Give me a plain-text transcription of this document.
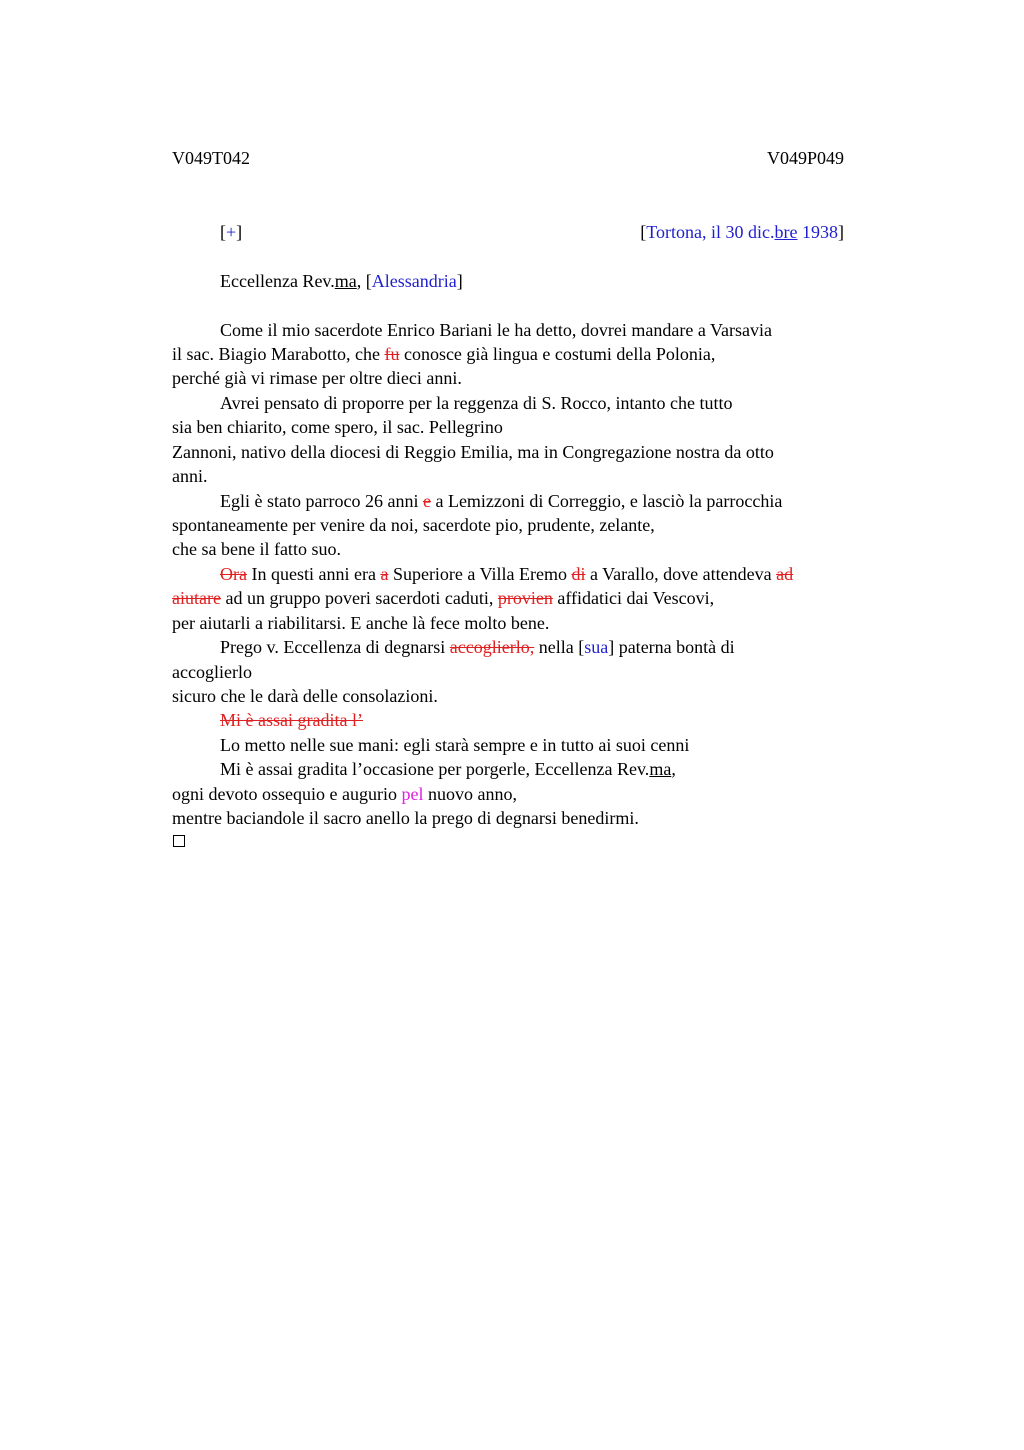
V049T042	V049P049
[+]	[Tortona, il 30 dic.bre 1938]
Eccellenza Rev.ma, [Alessandria]
Come il mio sacerdote Enrico Bariani le ha detto, dovrei mandare a Varsavia
il sac. Biagio Marabotto, che fu conosce già lingua e costumi della Polonia,
perché già vi rimase per oltre dieci anni.
Avrei pensato di proporre per la reggenza di S. Rocco, intanto che tutto
sia ben chiarito, come spero, il sac. Pellegrino
Zannoni, nativo della diocesi di Reggio Emilia, ma in Congregazione nostra da otto
anni.
Egli è stato parroco 26 anni e a Lemizzoni di Correggio, e lasciò la parrocchia
spontaneamente per venire da noi, sacerdote pio, prudente, zelante,
che sa bene il fatto suo.
Ora In questi anni era a Superiore a Villa Eremo di a Varallo, dove attendeva ad
aiutare ad un gruppo poveri sacerdoti caduti, provien affidatici dai Vescovi,
per aiutarli a riabilitarsi. E anche là fece molto bene.
Prego v. Eccellenza di degnarsi accoglierlo, nella [sua] paterna bontà di
accoglierlo
sicuro che le darà delle consolazioni.
Mi è assai gradita l’
Lo metto nelle sue mani: egli starà sempre e in tutto ai suoi cenni
Mi è assai gradita l’occasione per porgerle, Eccellenza Rev.ma,
ogni devoto ossequio e augurio pel nuovo anno,
mentre baciandole il sacro anello la prego di degnarsi benedirmi.
